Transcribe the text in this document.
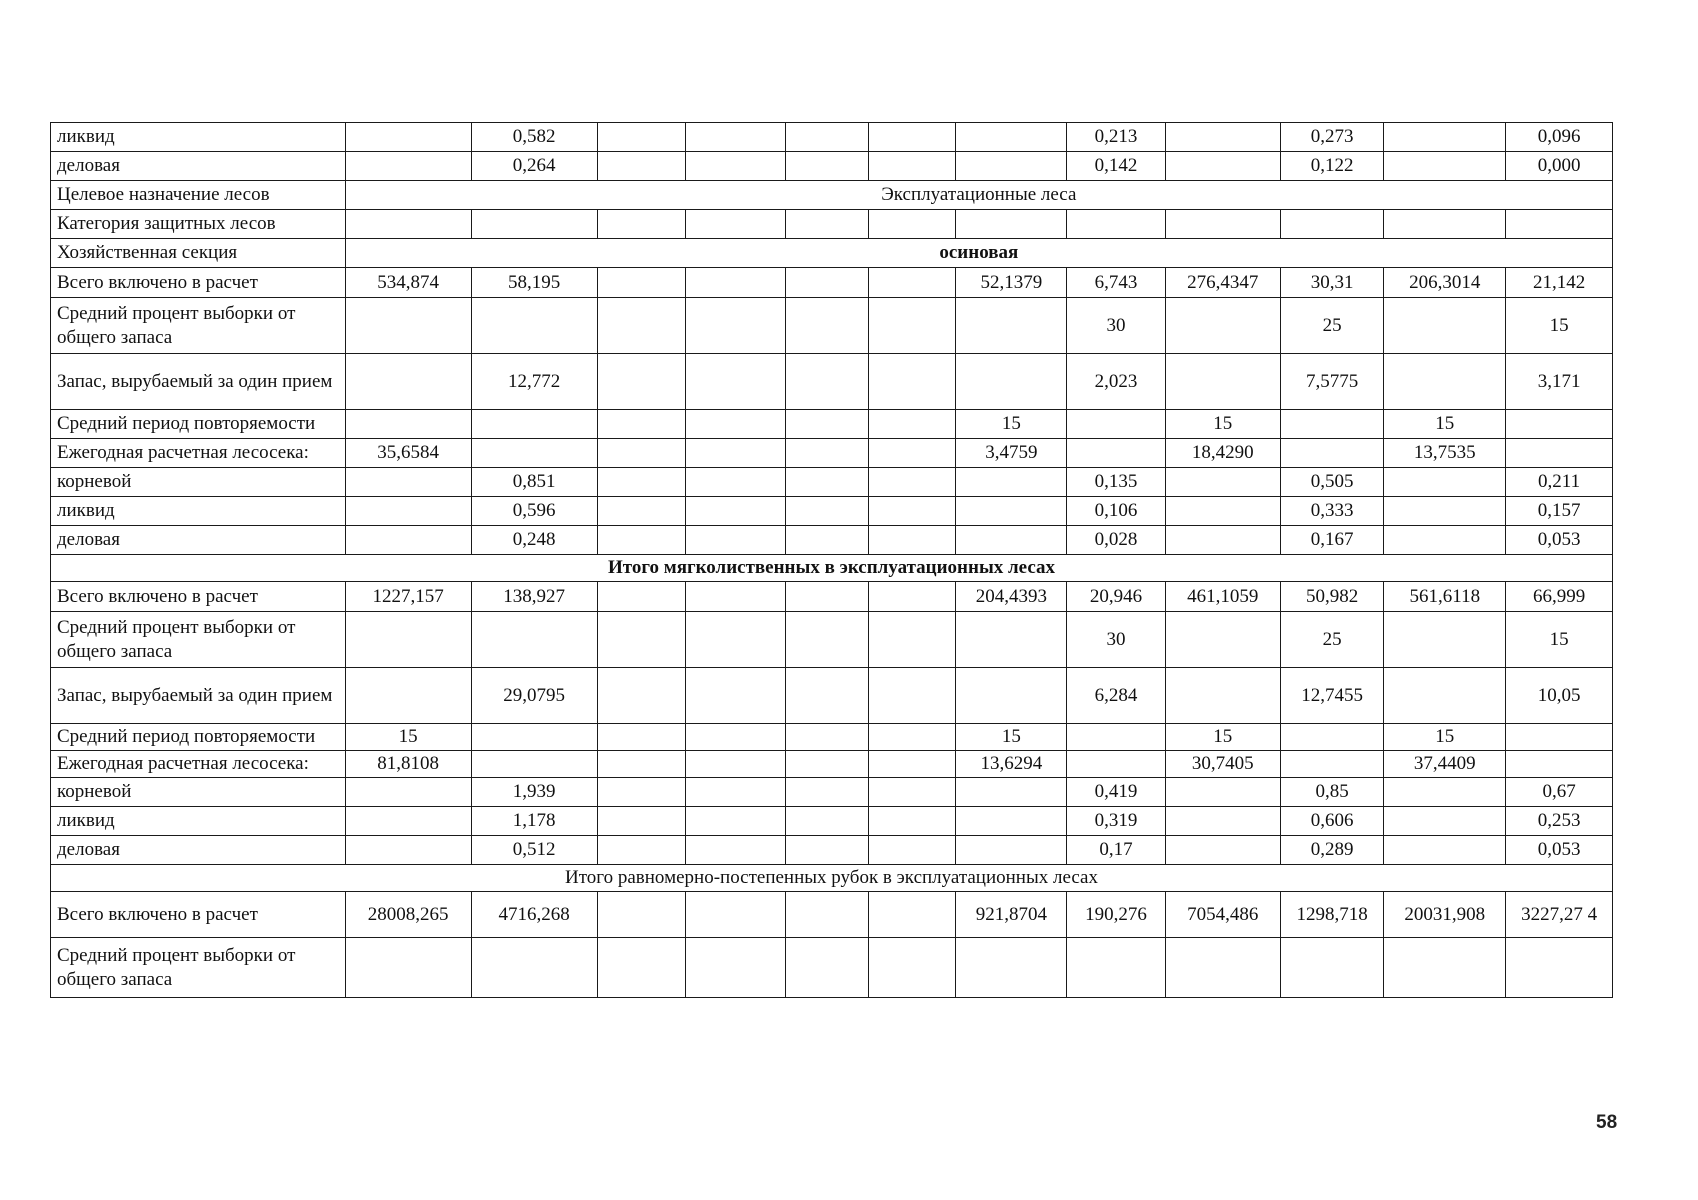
ликвид		0,582						0,213		0,273		0,096
деловая		0,264						0,142		0,122		0,000
Целевое назначение лесов	Эксплуатационные леса											
Категория защитных лесов												
Хозяйственная секция	осиновая											
Всего включено в расчет	534,874	58,195					52,1379	6,743	276,4347	30,31	206,3014	21,142
Средний процент выборки от общего запаса								30		25		15
Запас, вырубаемый за один прием		12,772						2,023		7,5775		3,171
Средний период повторяемости							15		15		15	
Ежегодная расчетная лесосека:	35,6584						3,4759		18,4290		13,7535	
корневой		0,851						0,135		0,505		0,211
ликвид		0,596						0,106		0,333		0,157
деловая		0,248						0,028		0,167		0,053
Итого мягколиственных в эксплуатационных лесах												
Всего включено в расчет	1227,157	138,927					204,4393	20,946	461,1059	50,982	561,6118	66,999
Средний процент выборки от общего запаса								30		25		15
Запас, вырубаемый за один прием		29,0795						6,284		12,7455		10,05
Средний период повторяемости	15						15		15		15	
Ежегодная расчетная лесосека:	81,8108						13,6294		30,7405		37,4409	
корневой		1,939						0,419		0,85		0,67
ликвид		1,178						0,319		0,606		0,253
деловая		0,512						0,17		0,289		0,053
Итого равномерно-постепенных рубок в эксплуатационных лесах												
Всего включено в расчет	28008,265	4716,268					921,8704	190,276	7054,486	1298,718	20031,908	3227,27 4
Средний процент выборки от общего запаса												
58
